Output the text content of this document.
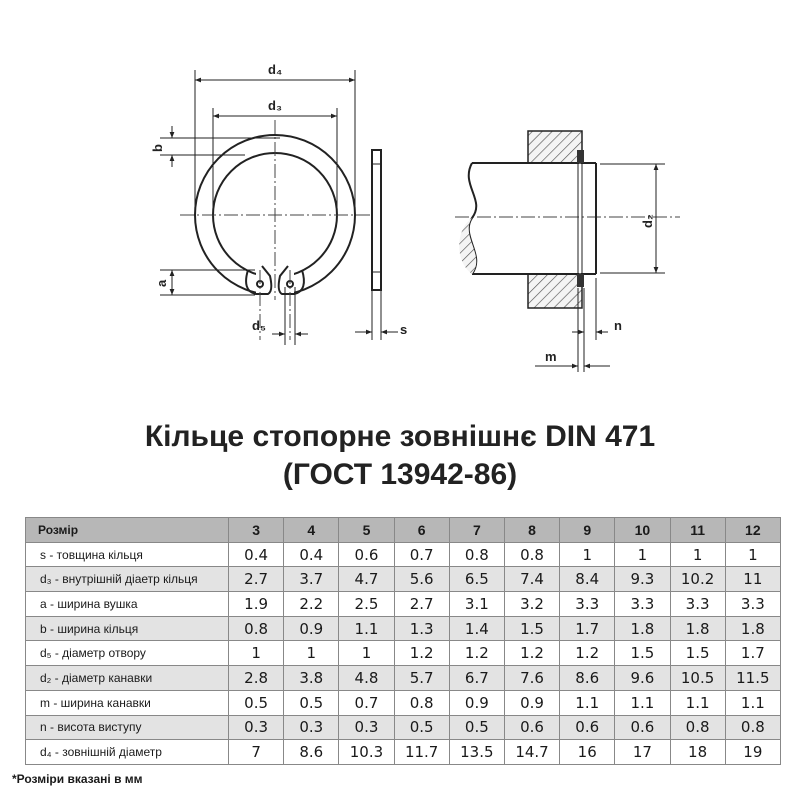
d₄
d₃
b
a
d₅	s
d₂
n
m
Кільце стопорне зовнішнє DIN 471
(ГОСТ 13942-86)
Розмір	3	4	5	6	7	8	9	10	11	12
s - товщина кільця	0.4	0.4	0.6	0.7	0.8	0.8	1	1	1	1
d₃ - внутрішній діаетр кільця	2.7	3.7	4.7	5.6	6.5	7.4	8.4	9.3	10.2	11
a - ширина вушка	1.9	2.2	2.5	2.7	3.1	3.2	3.3	3.3	3.3	3.3
b - ширина кільця	0.8	0.9	1.1	1.3	1.4	1.5	1.7	1.8	1.8	1.8
d₅ - діаметр отвору	1	1	1	1.2	1.2	1.2	1.2	1.5	1.5	1.7
d₂ - діаметр канавки	2.8	3.8	4.8	5.7	6.7	7.6	8.6	9.6	10.5	11.5
m - ширина канавки	0.5	0.5	0.7	0.8	0.9	0.9	1.1	1.1	1.1	1.1
n - висота виступу	0.3	0.3	0.3	0.5	0.5	0.6	0.6	0.6	0.8	0.8
d₄ - зовнішній діаметр	7	8.6	10.3	11.7	13.5	14.7	16	17	18	19
*Розміри вказані в мм
